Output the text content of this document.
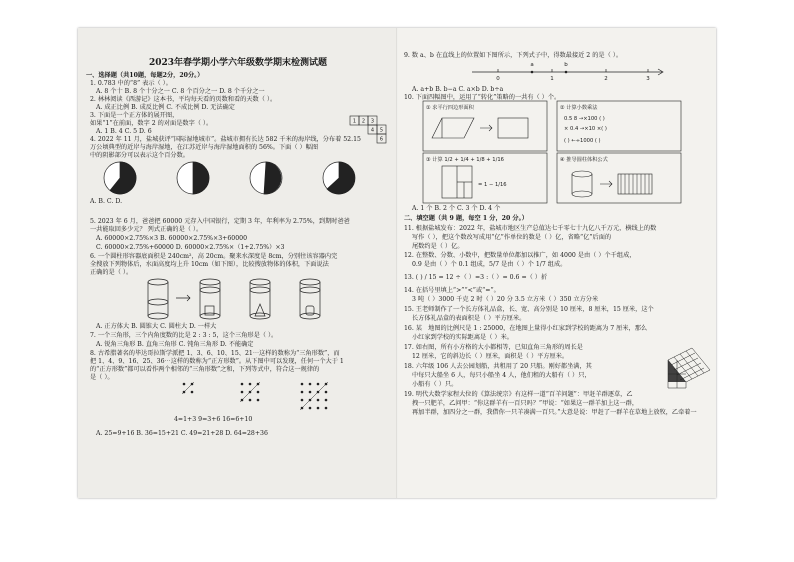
2023年春学期小学六年级数学期末检测试题
一、选择题（共10题，每题2分，20分。）
1. 0.783 中的“8” 表示（ ）。
A. 8 个十 B. 8 个十分之一 C. 8 个百分之一 D. 8 个千分之一
2. 林林阅读《西游记》这本书，平均每天看的页数和看的天数（ ）。
A. 成正比例 B. 成反比例 C. 不成比例 D. 无法确定
3. 下面是一个正方体的展开图，
如果“1”在前面，数字 2 的对面是数字（ ）。
A. 1 B. 4 C. 5 D. 6
4. 2022 年 11 月，盐城获评“国际湿地城市”。盐城市拥有长达 582 千米的海岸线，分布着 52.15
万公顷典型的近岸与海岸湿地，在江苏近岸与海岸湿地面积的 56%。下面（ ）幅图
中的阴影部分可以表示这个百分数。
A. B. C. D.
5. 2023 年 6 月，爸爸把 60000 元存入中国银行，定期 3 年，年利率为 2.75%，到期时爸爸
一共能取回多少元？ 列式正确的是（ ）。
A. 60000×2.75%×3 B. 60000×2.75%×3+60000
C. 60000×2.75%+60000 D. 60000×2.75%×（1+2.75%）×3
6. 一个圆柱形容器底面积是 240cm²，高 20cm。聚来水深度是 8cm，分别往该容器内完
全搜放下列物体后，水面高度均上升 10cm（如下图），比较搜放物体的体积，下面说法
正确的是（ ）。
A. 正方体大 B. 圆锥大 C. 圆柱大 D. 一样大
7. 一个三角形，三个内角度数的比是 2 : 3 : 5，这个三角形是（ ）。
A. 锐角三角形 B. 直角三角形 C. 钝角三角形 D. 不能确定
8. 古希腊著名的毕达哥拉斯学派把 1、3、6、10、15、21⋯这样的数称为“三角形数”，而
把 1、4、9、16、25、36⋯这样的数称为“正方形数”。从下图中可以发现，任何一个大于 1
的“正方形数”都可以看作两个相邻的“三角形数”之和，下列等式中，符合这一规律的
是（ ）。
4=1+3 9=3+6 16=6+10
A. 25=9+16 B. 36=15+21 C. 49=21+28 D. 64=28+36
1 2 3
4 5
6
9. 数 a、b 在直线上的位置如下图所示，下列式子中，得数最接近 2 的是（ ）。
A. a+b B. b−a C. a×b D. b÷a
10. 下面四幅图中，运用了“转化”策略的一共有（ ）个。
A. 1 个 B. 2 个 C. 3 个 D. 4 个
二、填空题（共 9 题，每空 1 分，20 分。）
11. 根据盐城发布：2022 年，盐城市地区生产总值达七千零七十九亿八千万元，横线上的数
写作（ ），把这个数改写成用“亿”作单位的数是（ ）亿，省略“亿”后面的
尾数约是（ ）亿。
12. 在整数、分数、小数中，把数量单位都加以推广，如 4000 是由（ ）个千组成，
0.9 是由（ ）个 0.1 组成，5/7 是由（ ）个 1/7 组成。
13. ( ) / 15 = 12 ÷（ ）=3 :（ ）= 0.6 =（ ）折
14. 在括号里填上“>”“<”或“=”。
3 吨（ ）3000 千克 2 时（ ）20 分 3.5 立方米（ ）350 立方分米
15. 王老师制作了一个长方体礼品盒，长、宽、高分别是 10 厘米，8 厘米，15 厘米，这个
长方体礼品盒的表面积是（ ）平方厘米。
16. 某　地图的比例尺是 1 : 25000，在地图上量得小红家到学校的距离为 7 厘米，那么
小红家到学校的实际距离是（ ）米。
17. 如右图，所有小方格的大小都相等，已知直角三角形的周长是
12 厘米，它的斜边长（ ）厘米，面积是（ ）平方厘米。
18. 六年级 106 人去公园划船，共租用了 20 只船。刚好都坐满，其
中每只大船坐 6 人，每只小船坐 4 人，他们租的大船有（ ）只，
小船有（ ）只。
19. 明代大数学家程大位的《算法统宗》有这样一道“百羊问题”：甲赶羊群逐草，乙
拽一只肥羊，乙问甲：“你这群羊有一百只吗？”甲说：“如果这一群羊加上这一群，
再加半群，加四分之一群，我借你一只羊凑满一百只。”大意是说：甲赶了一群羊在草地上放牧，乙牵着一
a	b
0	1	2	3
① 求平行四边形面积	② 计算小数乘法
0.5 8 →×100 ( )
× 0.4 →×10 ×( )
( ) ←÷1000 ( )
③ 计算 1/2 + 1/4 + 1/8 + 1/16
= 1 − 1/16
④ 推导圆柱体积公式
